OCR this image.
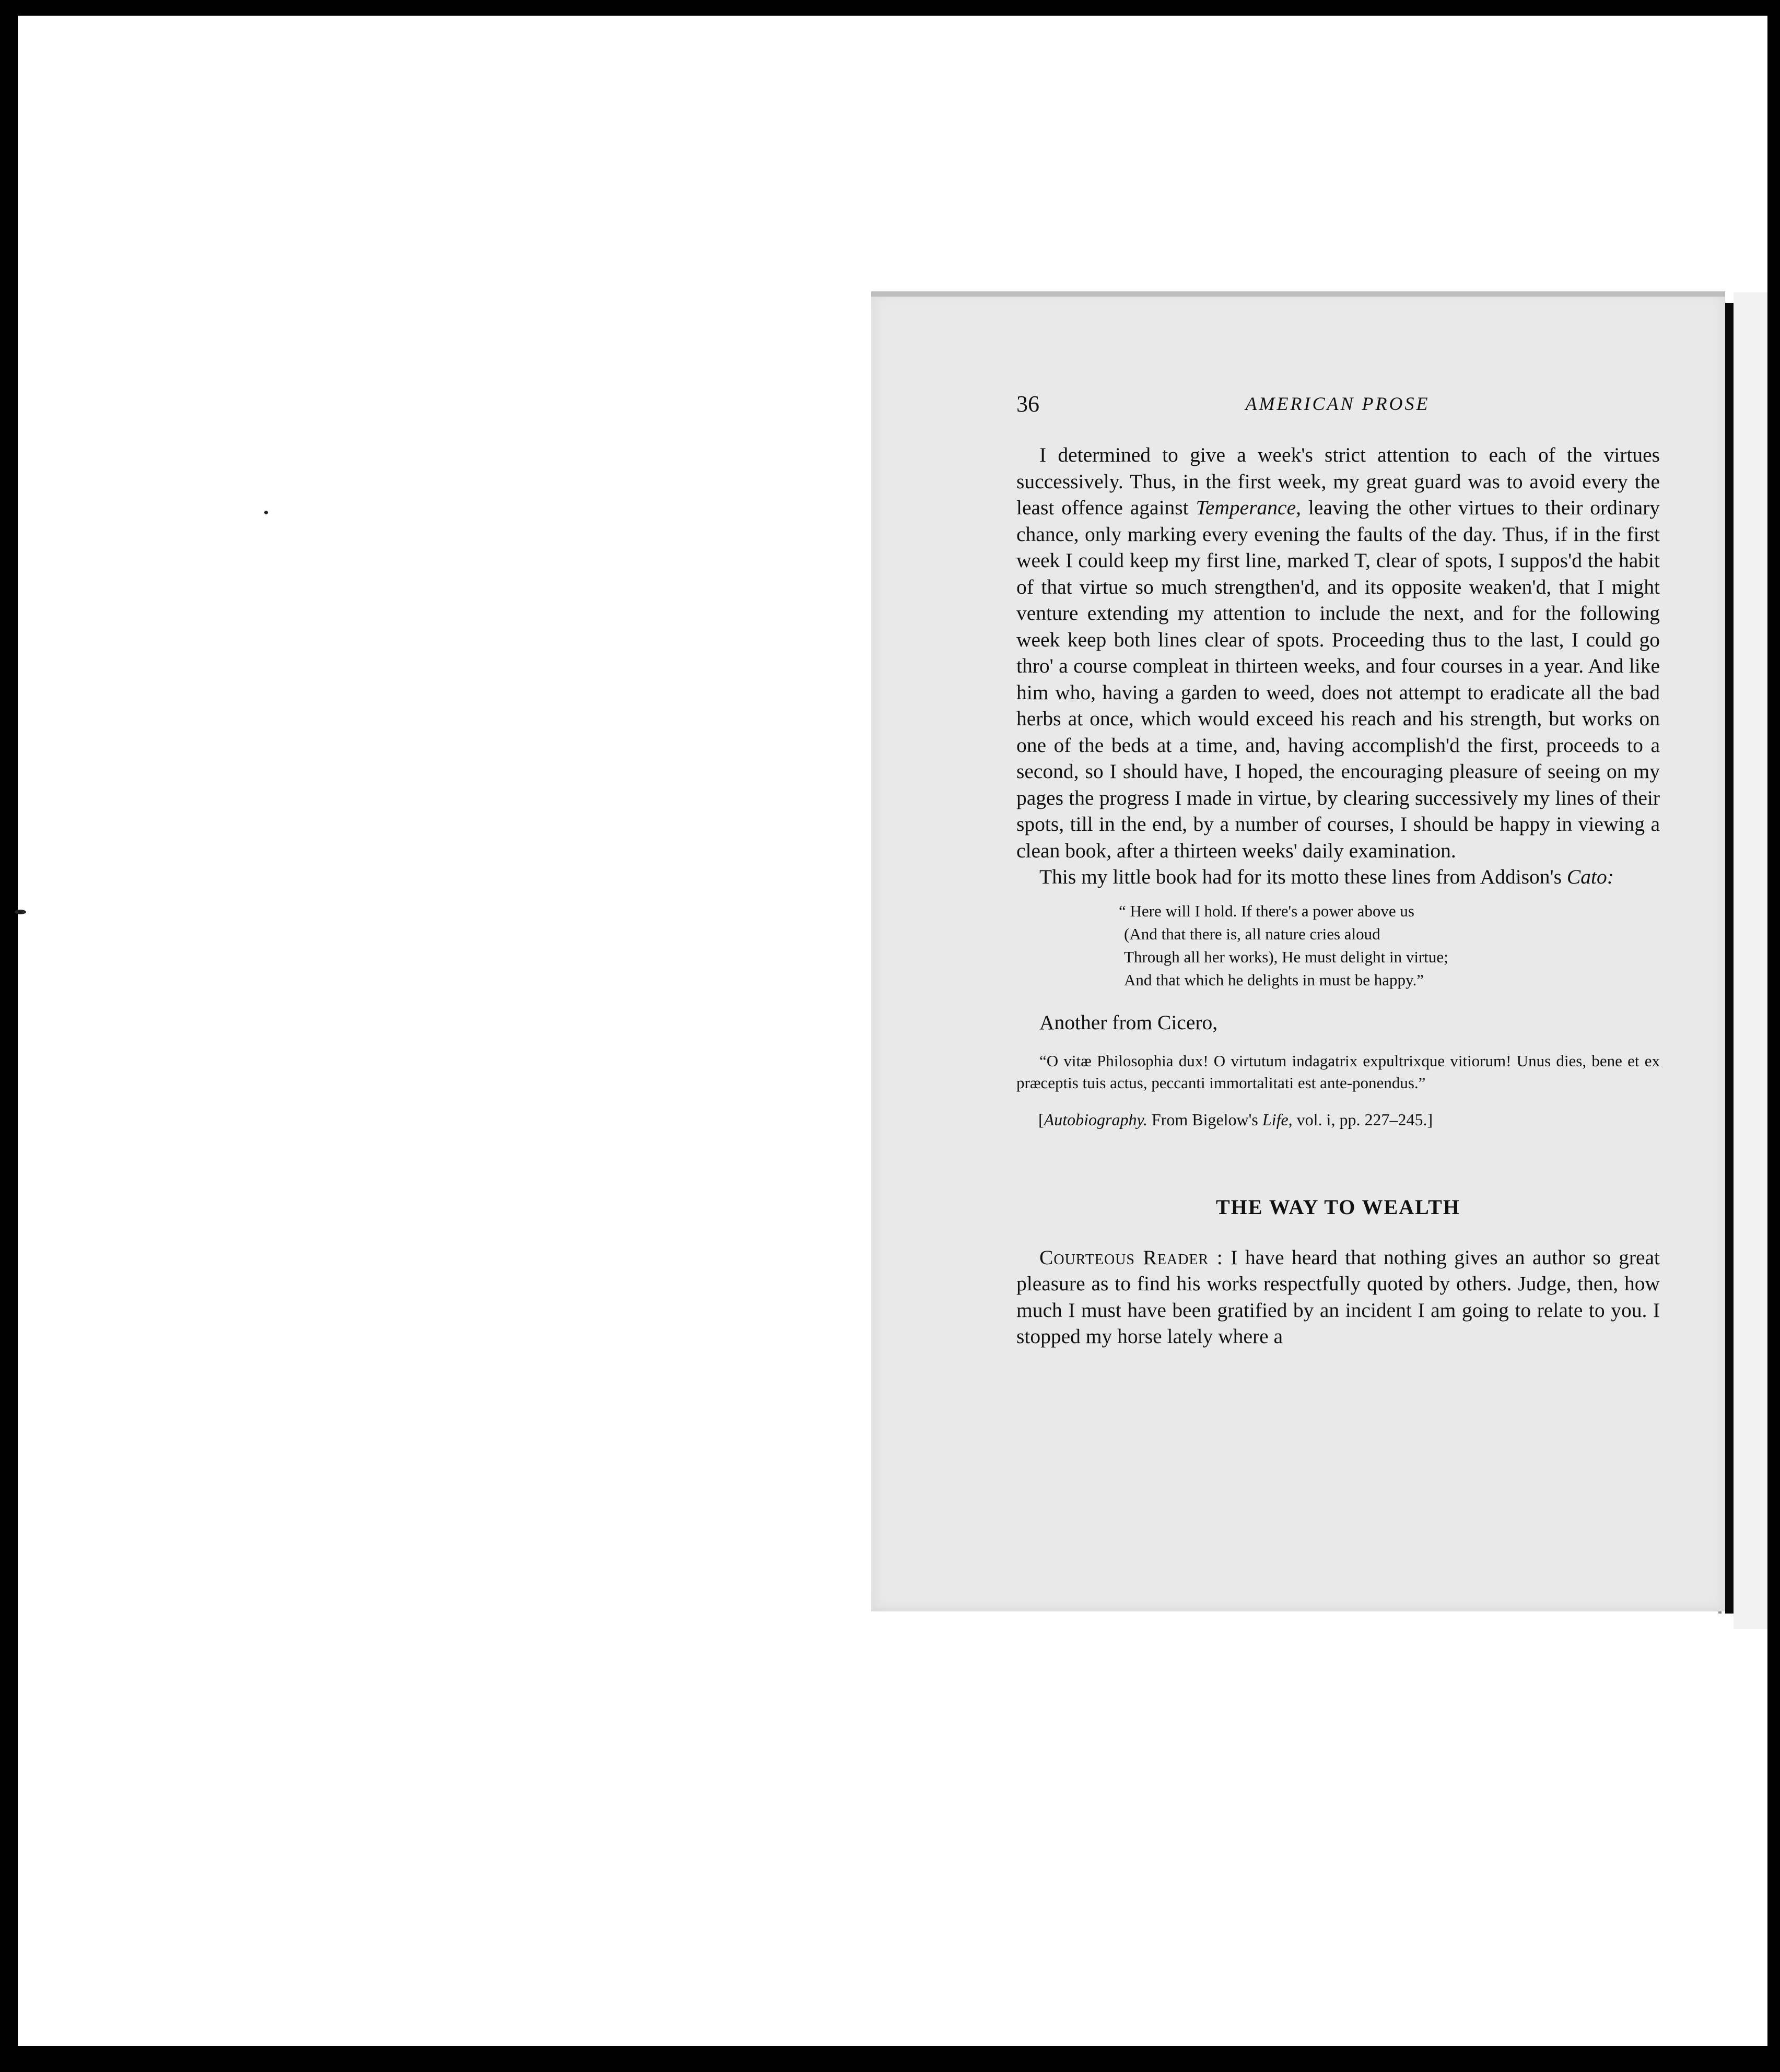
36	AMERICAN PROSE

I determined to give a week's strict attention to each of the virtues successively. Thus, in the first week, my great guard was to avoid every the least offence against Temperance, leaving the other virtues to their ordinary chance, only marking every evening the faults of the day. Thus, if in the first week I could keep my first line, marked T, clear of spots, I suppos'd the habit of that virtue so much strengthen'd, and its opposite weaken'd, that I might venture extending my attention to include the next, and for the following week keep both lines clear of spots. Proceeding thus to the last, I could go thro' a course compleat in thirteen weeks, and four courses in a year. And like him who, having a garden to weed, does not attempt to eradicate all the bad herbs at once, which would exceed his reach and his strength, but works on one of the beds at a time, and, having accomplish'd the first, proceeds to a second, so I should have, I hoped, the encouraging pleasure of seeing on my pages the progress I made in virtue, by clearing successively my lines of their spots, till in the end, by a number of courses, I should be happy in viewing a clean book, after a thirteen weeks' daily examination.

This my little book had for its motto these lines from Addison's Cato:

“ Here will I hold. If there's a power above us
(And that there is, all nature cries aloud
Through all her works), He must delight in virtue;
And that which he delights in must be happy.”

Another from Cicero,

“O vitæ Philosophia dux! O virtutum indagatrix expultrixque vitiorum! Unus dies, bene et ex præceptis tuis actus, peccanti immortalitati est ante-ponendus.”

[Autobiography. From Bigelow's Life, vol. i, pp. 227–245.]

THE WAY TO WEALTH

Courteous Reader : I have heard that nothing gives an author so great pleasure as to find his works respectfully quoted by others. Judge, then, how much I must have been gratified by an incident I am going to relate to you. I stopped my horse lately where a
